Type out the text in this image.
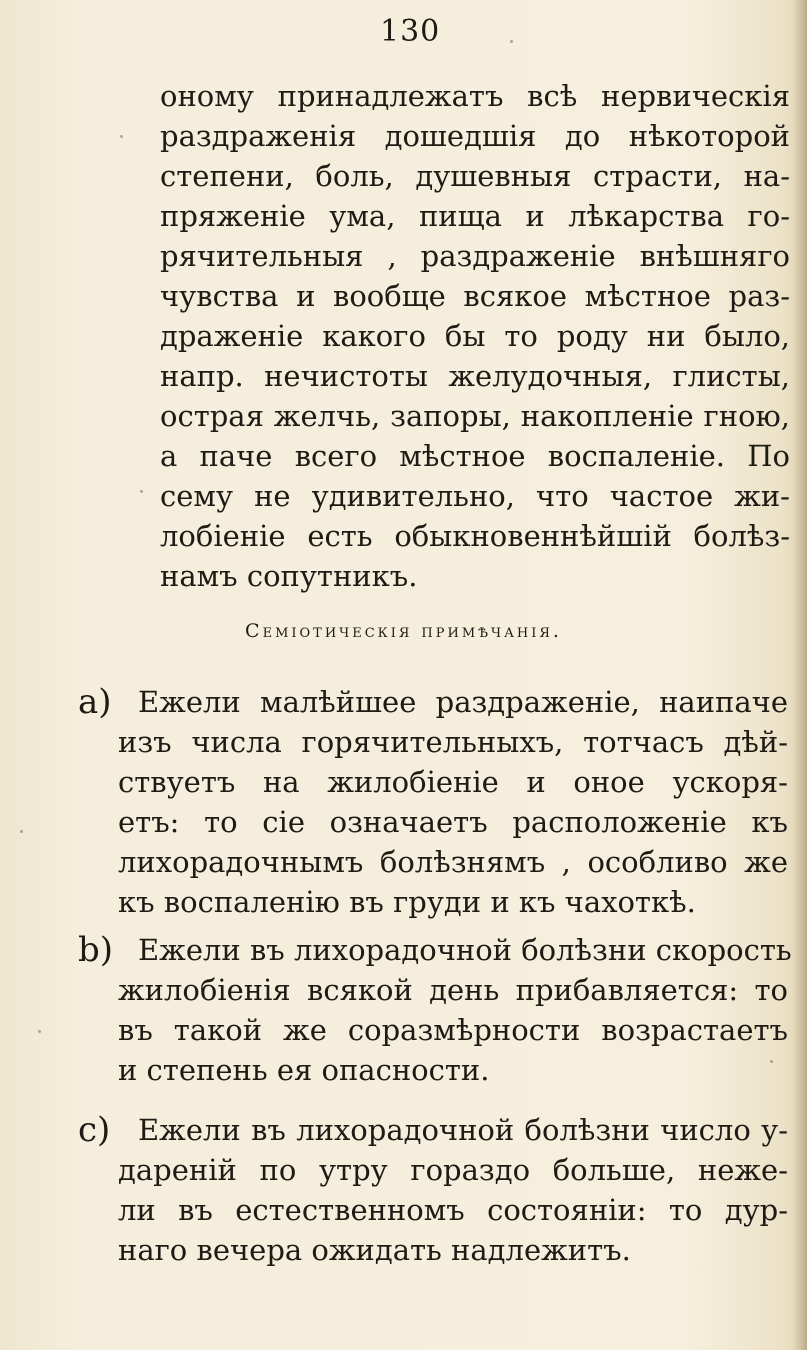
130
оному принадлежатъ всѣ нервическія
раздраженія дошедшія до нѣкоторой
степени, боль, душевныя страсти, на-
пряженіе ума, пища и лѣкарства го-
рячительныя , раздраженіе внѣшняго
чувства и вообще всякое мѣстное раз-
драженіе какого бы то роду ни было,
напр. нечистоты желудочныя, глисты,
острая желчь, запоры, накопленіе гною,
а паче всего мѣстное воспаленіе. По
сему не удивительно, что частое жи-
лобіеніе есть обыкновеннѣйшій болѣз-
намъ сопутникъ.
Семіотическія примѣчанія.
a) Ежели малѣйшее раздраженіе, наипаче
изъ числа горячительныхъ, тотчасъ дѣй-
ствуетъ на жилобіеніе и оное ускоря-
етъ: то сіе означаетъ расположеніе къ
лихорадочнымъ болѣзнямъ , особливо же
къ воспаленію въ груди и къ чахоткѣ.
b) Ежели въ лихорадочной болѣзни скорость
жилобіенія всякой день прибавляется: то
въ такой же соразмѣрности возрастаетъ
и степень ея опасности.
c) Ежели въ лихорадочной болѣзни число у-
дареній по утру гораздо больше, неже-
ли въ естественномъ состояніи: то дур-
наго вечера ожидать надлежитъ.
